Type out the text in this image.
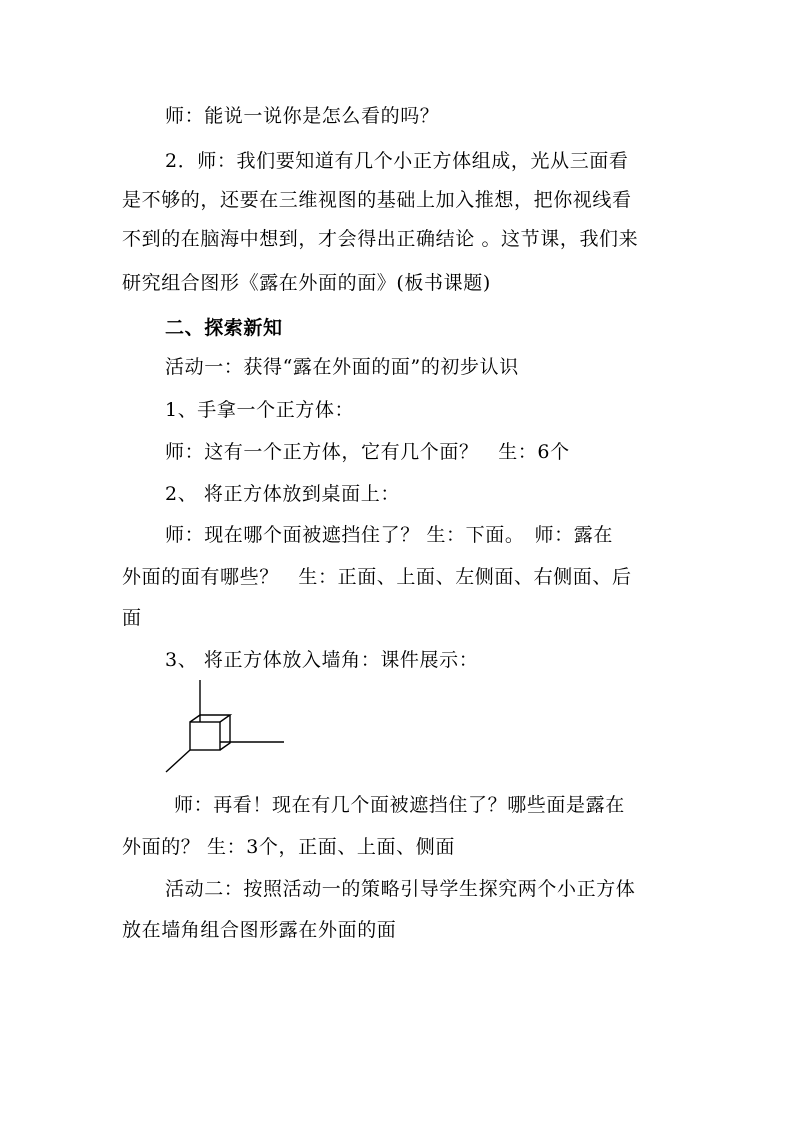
师：能说一说你是怎么看的吗？
2．师：我们要知道有几个小正方体组成，光从三面看
是不够的，还要在三维视图的基础上加入推想，把你视线看
不到的在脑海中想到，才会得出正确结论 。这节课，我们来
研究组合图形《露在外面的面》(板书课题)
二、探索新知
活动一：获得“露在外面的面”的初步认识
1、手拿一个正方体：
师：这有一个正方体，它有几个面？　生：6个
2、 将正方体放到桌面上：
师：现在哪个面被遮挡住了？ 生：下面。　师：露在
外面的面有哪些？　生：正面、上面、左侧面、右侧面、后
面
3、 将正方体放入墙角：课件展示：
师：再看！现在有几个面被遮挡住了？哪些面是露在
外面的？ 生：3个，正面、上面、侧面
活动二：按照活动一的策略引导学生探究两个小正方体
放在墙角组合图形露在外面的面
